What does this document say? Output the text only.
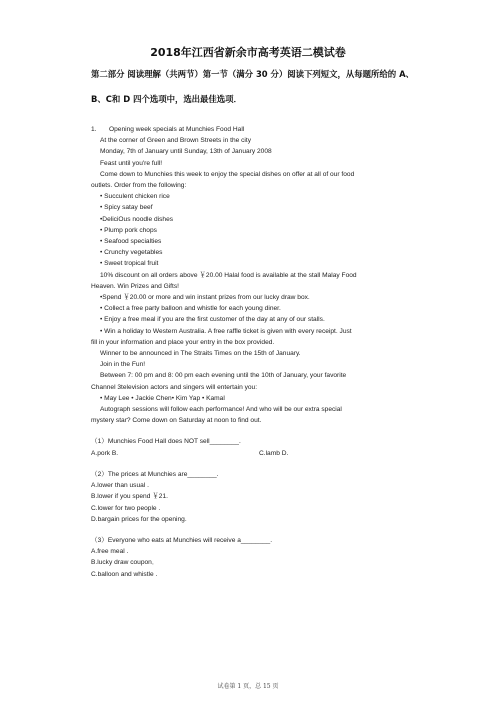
2018年江西省新余市高考英语二模试卷
第二部分 阅读理解（共两节）第一节（满分 30 分）阅读下列短文，从每题所给的 A、
B、C和 D 四个选项中，选出最佳选项．
1. Opening week specials at Munchies Food Hall
At the corner of Green and Brown Streets in the city
Monday, 7th of January until Sunday, 13th of January 2008
Feast until you're full!
Come down to Munchies this week to enjoy the special dishes on offer at all of our food
outlets. Order from the following:
• Succulent chicken rice
• Spicy satay beef
•DeliciOus noodle dishes
• Plump pork chops
• Seafood specialties
• Crunchy vegetables
• Sweet tropical fruit
10% discount on all orders above ￥20.00 Halal food is available at the stall Malay Food
Heaven. Win Prizes and Gifts!
•Spend ￥20.00 or more and win instant prizes from our lucky draw box.
• Collect a free party balloon and whistle for each young diner.
• Enjoy a free meal if you are the first customer of the day at any of our stalls.
• Win a holiday to Western Australia. A free raffle ticket is given with every receipt. Just
fill in your information and place your entry in the box provided.
Winner to be announced in The Straits Times on the 15th of January.
Join in the Fun!
Between 7: 00 pm and 8: 00 pm each evening until the 10th of January, your favorite
Channel 3television actors and singers will entertain you:
• May Lee • Jackie Chen• Kim Yap • Kamal
Autograph sessions will follow each performance! And who will be our extra special
mystery star? Come down on Saturday at noon to find out.
（1）Munchies Food Hall does NOT sell________.
A.pork B.	C.lamb D.
（2）The prices at Munchies are________.
A.lower than usual .
B.lower if you spend ￥21.
C.lower for two people .
D.bargain prices for the opening.
（3）Everyone who eats at Munchies will receive a________.
A.free meal .
B.lucky draw coupon．
C.balloon and whistle .
试卷第 1 页，总 15 页
